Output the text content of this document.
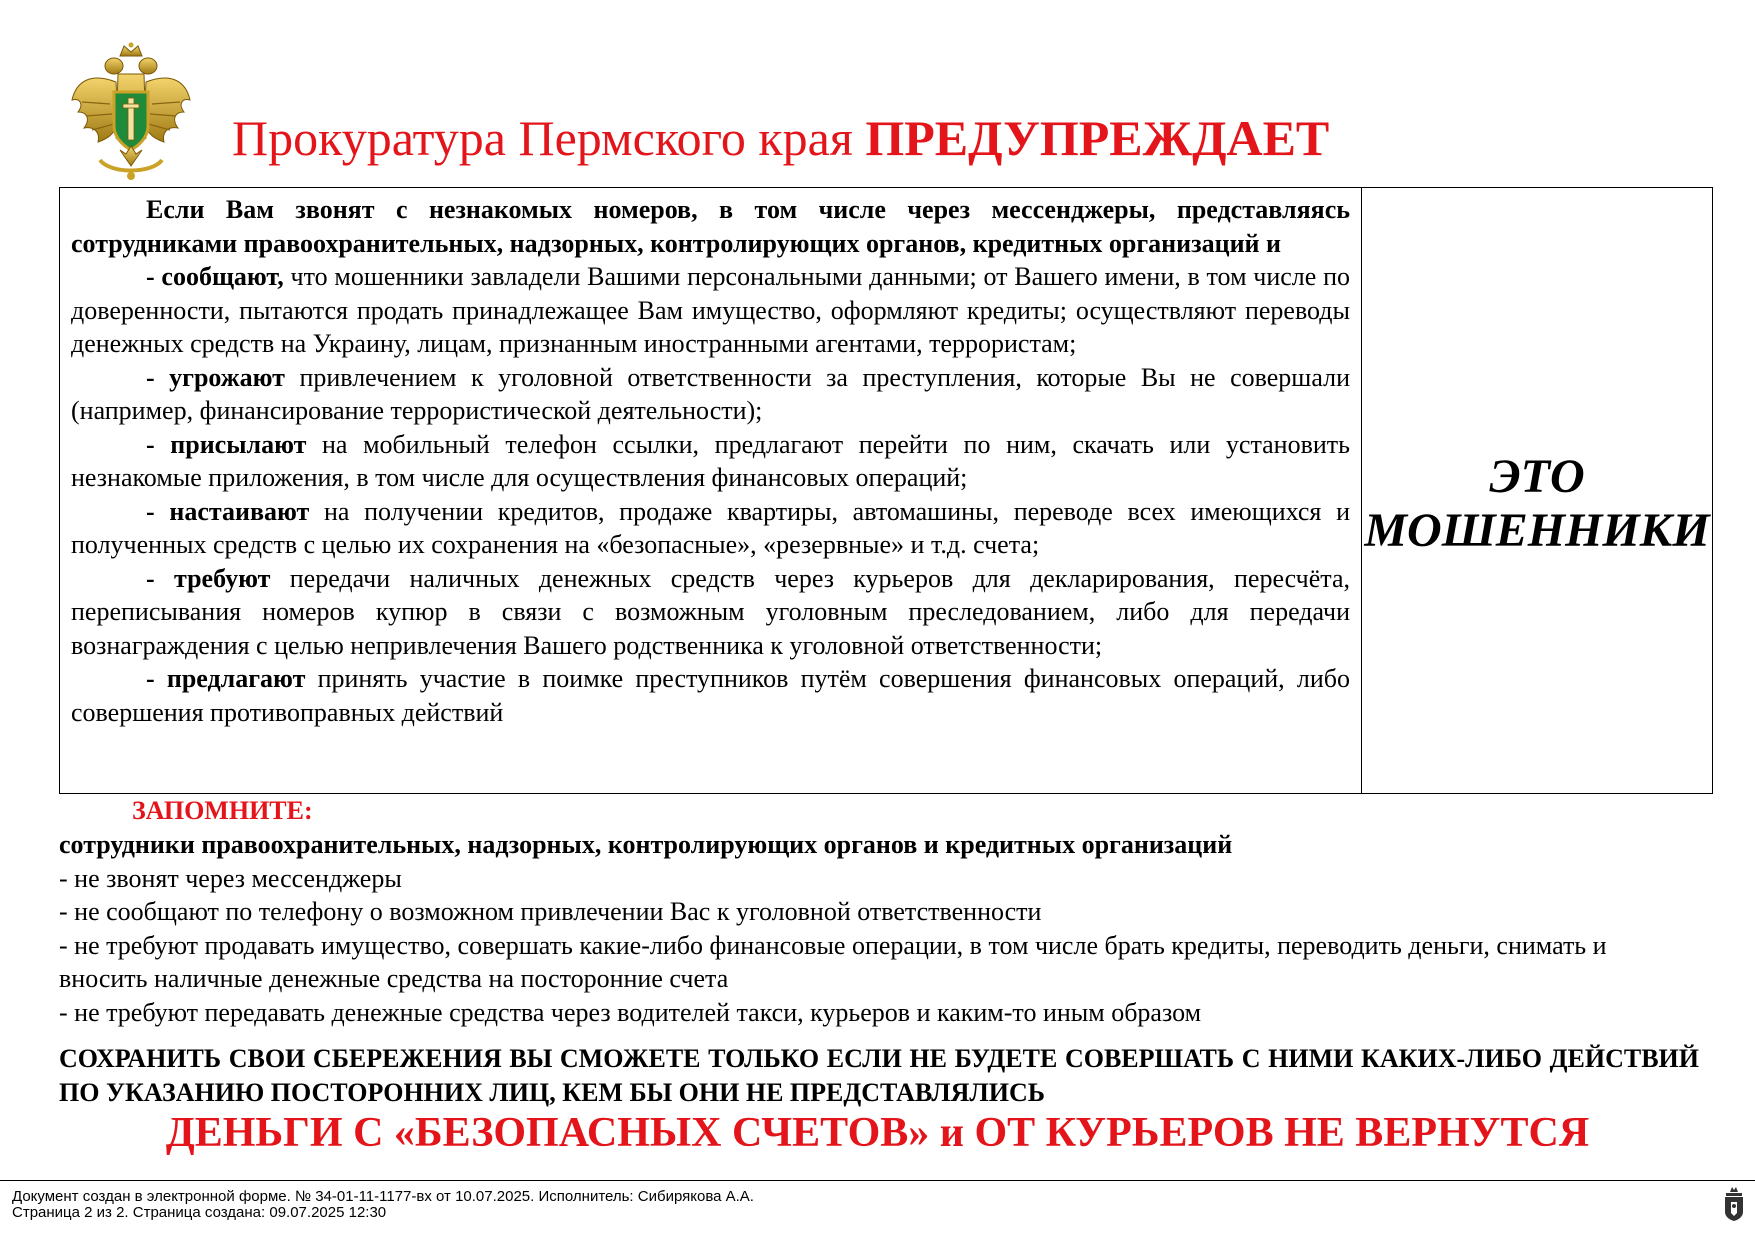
Прокуратура Пермского края ПРЕДУПРЕЖДАЕТ

Если Вам звонят с незнакомых номеров, в том числе через мессенджеры, представляясь сотрудниками правоохранительных, надзорных, контролирующих органов, кредитных организаций и

- сообщают, что мошенники завладели Вашими персональными данными; от Вашего имени, в том числе по доверенности, пытаются продать принадлежащее Вам имущество, оформляют кредиты; осуществляют переводы денежных средств на Украину, лицам, признанным иностранными агентами, террористам;

- угрожают привлечением к уголовной ответственности за преступления, которые Вы не совершали (например, финансирование террористической деятельности);

- присылают на мобильный телефон ссылки, предлагают перейти по ним, скачать или установить незнакомые приложения, в том числе для осуществления финансовых операций;

- настаивают на получении кредитов, продаже квартиры, автомашины, переводе всех имеющихся и полученных средств с целью их сохранения на «безопасные», «резервные» и т.д. счета;

- требуют передачи наличных денежных средств через курьеров для декларирования, пересчёта, переписывания номеров купюр в связи с возможным уголовным преследованием, либо для передачи вознаграждения с целью непривлечения Вашего родственника к уголовной ответственности;

- предлагают принять участие в поимке преступников путём совершения финансовых операций, либо совершения противоправных действий

ЭТО
МОШЕННИКИ

ЗАПОМНИТЕ:

сотрудники правоохранительных, надзорных, контролирующих органов и кредитных организаций

- не звонят через мессенджеры

- не сообщают по телефону о возможном привлечении Вас к уголовной ответственности

- не требуют продавать имущество, совершать какие-либо финансовые операции, в том числе брать кредиты, переводить деньги, снимать и вносить наличные денежные средства на посторонние счета

- не требуют передавать денежные средства через водителей такси, курьеров и каким-то иным образом

СОХРАНИТЬ СВОИ СБЕРЕЖЕНИЯ ВЫ СМОЖЕТЕ ТОЛЬКО ЕСЛИ НЕ БУДЕТЕ СОВЕРШАТЬ С НИМИ КАКИХ-ЛИБО ДЕЙСТВИЙ ПО УКАЗАНИЮ ПОСТОРОННИХ ЛИЦ, КЕМ БЫ ОНИ НЕ ПРЕДСТАВЛЯЛИСЬ

ДЕНЬГИ С «БЕЗОПАСНЫХ СЧЕТОВ» и ОТ КУРЬЕРОВ НЕ ВЕРНУТСЯ

Документ создан в электронной форме. № 34-01-11-1177-вх от 10.07.2025. Исполнитель: Сибирякова А.А.
Страница 2 из 2. Страница создана: 09.07.2025 12:30
